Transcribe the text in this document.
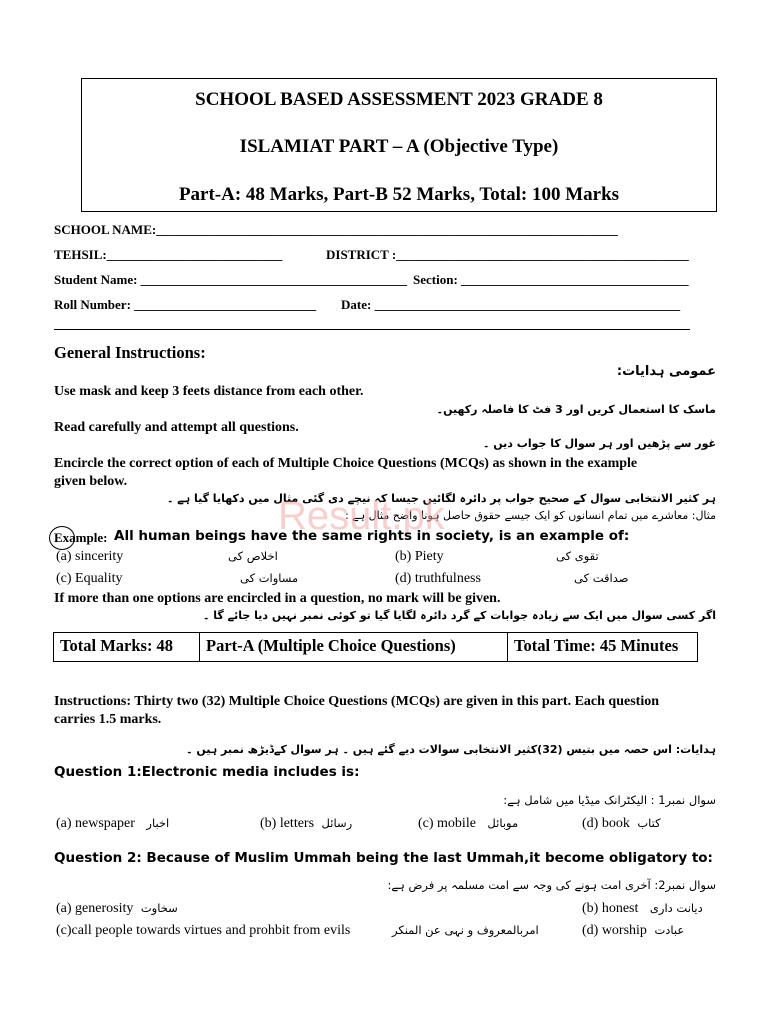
SCHOOL BASED ASSESSMENT 2023 GRADE 8
ISLAMIAT PART – A (Objective Type)
Part-A: 48 Marks, Part-B 52 Marks, Total: 100 Marks
SCHOOL NAME:_______________________________________________________________________
TEHSIL:___________________________	DISTRICT :_____________________________________________
Student Name: _________________________________________ Section: ___________________________________
Roll Number: ____________________________ Date: _______________________________________________
General Instructions:
عمومی ہدایات:
Use mask and keep 3 feets distance from each other.
ماسک کا استعمال کریں اور 3 فٹ کا فاصلہ رکھیں۔
Read carefully and attempt all questions.
غور سے پڑھیں اور ہر سوال کا جواب دیں ۔
Encircle the correct option of each of Multiple Choice Questions (MCQs) as shown in the example
given below.
ہر کثیر الانتخابی سوال کے صحیح جواب پر دائرہ لگائیں جیسا کہ نیچے دی گئی مثال میں دکھایا گیا ہے ۔
مثال: معاشرے میں تمام انسانوں کو ایک جیسے حقوق حاصل ہونا واضح مثال ہے :
Result.pk
Example: All human beings have the same rights in society, is an example of:
(a) sincerity	اخلاص کی	(b) Piety	تقوی کی
(c) Equality	مساوات کی	(d) truthfulness	صداقت کی
If more than one options are encircled in a question, no mark will be given.
اگر کسی سوال میں ایک سے زیادہ جوابات کے گرد دائرہ لگایا گیا تو کوئی نمبر نہیں دیا جائے گا ۔
Total Marks: 48	Part-A (Multiple Choice Questions)	Total Time: 45 Minutes
Instructions: Thirty two (32) Multiple Choice Questions (MCQs) are given in this part. Each question
carries 1.5 marks.
ہدایات: اس حصہ میں بتیس (32)کثیر الانتخابی سوالات دیے گئے ہیں ۔ ہر سوال کےڈیڑھ نمبر ہیں ۔
Question 1:Electronic media includes is:
سوال نمبر1 : الیکٹرانک میڈیا میں شامل ہے:
(a) newspaper اخبار	(b) letters رسائل	(c) mobile موبائل	(d) book کتاب
Question 2: Because of Muslim Ummah being the last Ummah,it become obligatory to:
سوال نمبر2: آخری امت ہونے کی وجہ سے امت مسلمہ پر فرض ہے:
(a) generosity سخاوت	(b) honest دیانت داری
(c)call people towards virtues and prohbit from evils	امربالمعروف و نہی عن المنکر	(d) worship عبادت
